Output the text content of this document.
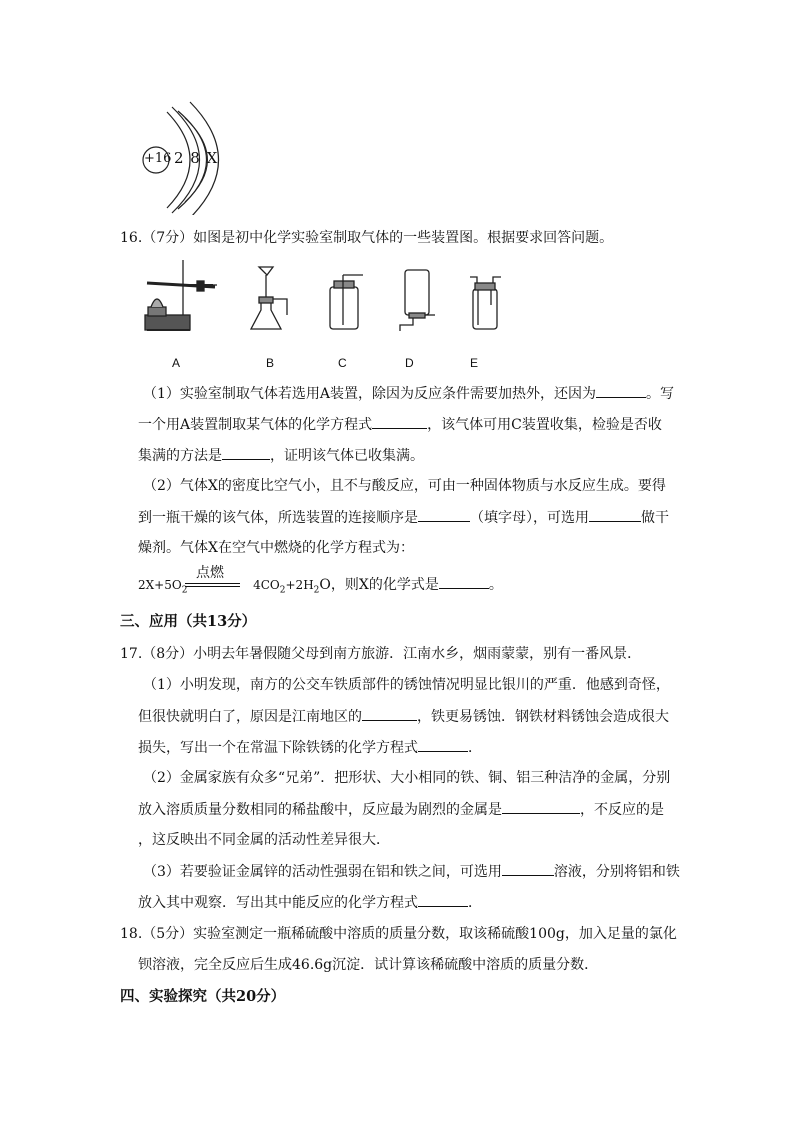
+16 2 8 X
16.（7分）如图是初中化学实验室制取气体的一些装置图。根据要求回答问题。
A	B	C	D	E
（1）实验室制取气体若选用A装置，除因为反应条件需要加热外，还因为	。写
一个用A装置制取某气体的化学方程式	，该气体可用C装置收集，检验是否收
集满的方法是	，证明该气体已收集满。
（2）气体X的密度比空气小，且不与酸反应，可由一种固体物质与水反应生成。要得
到一瓶干燥的该气体，所选装置的连接顺序是	（填字母），可选用	做干
燥剂。气体X在空气中燃烧的化学方程式为：
$2X+5O_2$	$4CO_2+2H_2O$，则X的化学式是	。
点燃
三、应用（共13分）
17.（8分）小明去年暑假随父母到南方旅游．江南水乡，烟雨蒙蒙，别有一番风景．
（1）小明发现，南方的公交车铁质部件的锈蚀情况明显比银川的严重．他感到奇怪，
但很快就明白了，原因是江南地区的	，铁更易锈蚀．钢铁材料锈蚀会造成很大
损失，写出一个在常温下除铁锈的化学方程式	．
（2）金属家族有众多“兄弟”．把形状、大小相同的铁、铜、铝三种洁净的金属，分别
放入溶质质量分数相同的稀盐酸中，反应最为剧烈的金属是	，不反应的是
，这反映出不同金属的活动性差异很大．
（3）若要验证金属锌的活动性强弱在铝和铁之间，可选用	溶液，分别将铝和铁
放入其中观察．写出其中能反应的化学方程式	．
18.（5分）实验室测定一瓶稀硫酸中溶质的质量分数，取该稀硫酸100g，加入足量的氯化
钡溶液，完全反应后生成46.6g沉淀．试计算该稀硫酸中溶质的质量分数．
四、实验探究（共20分）
